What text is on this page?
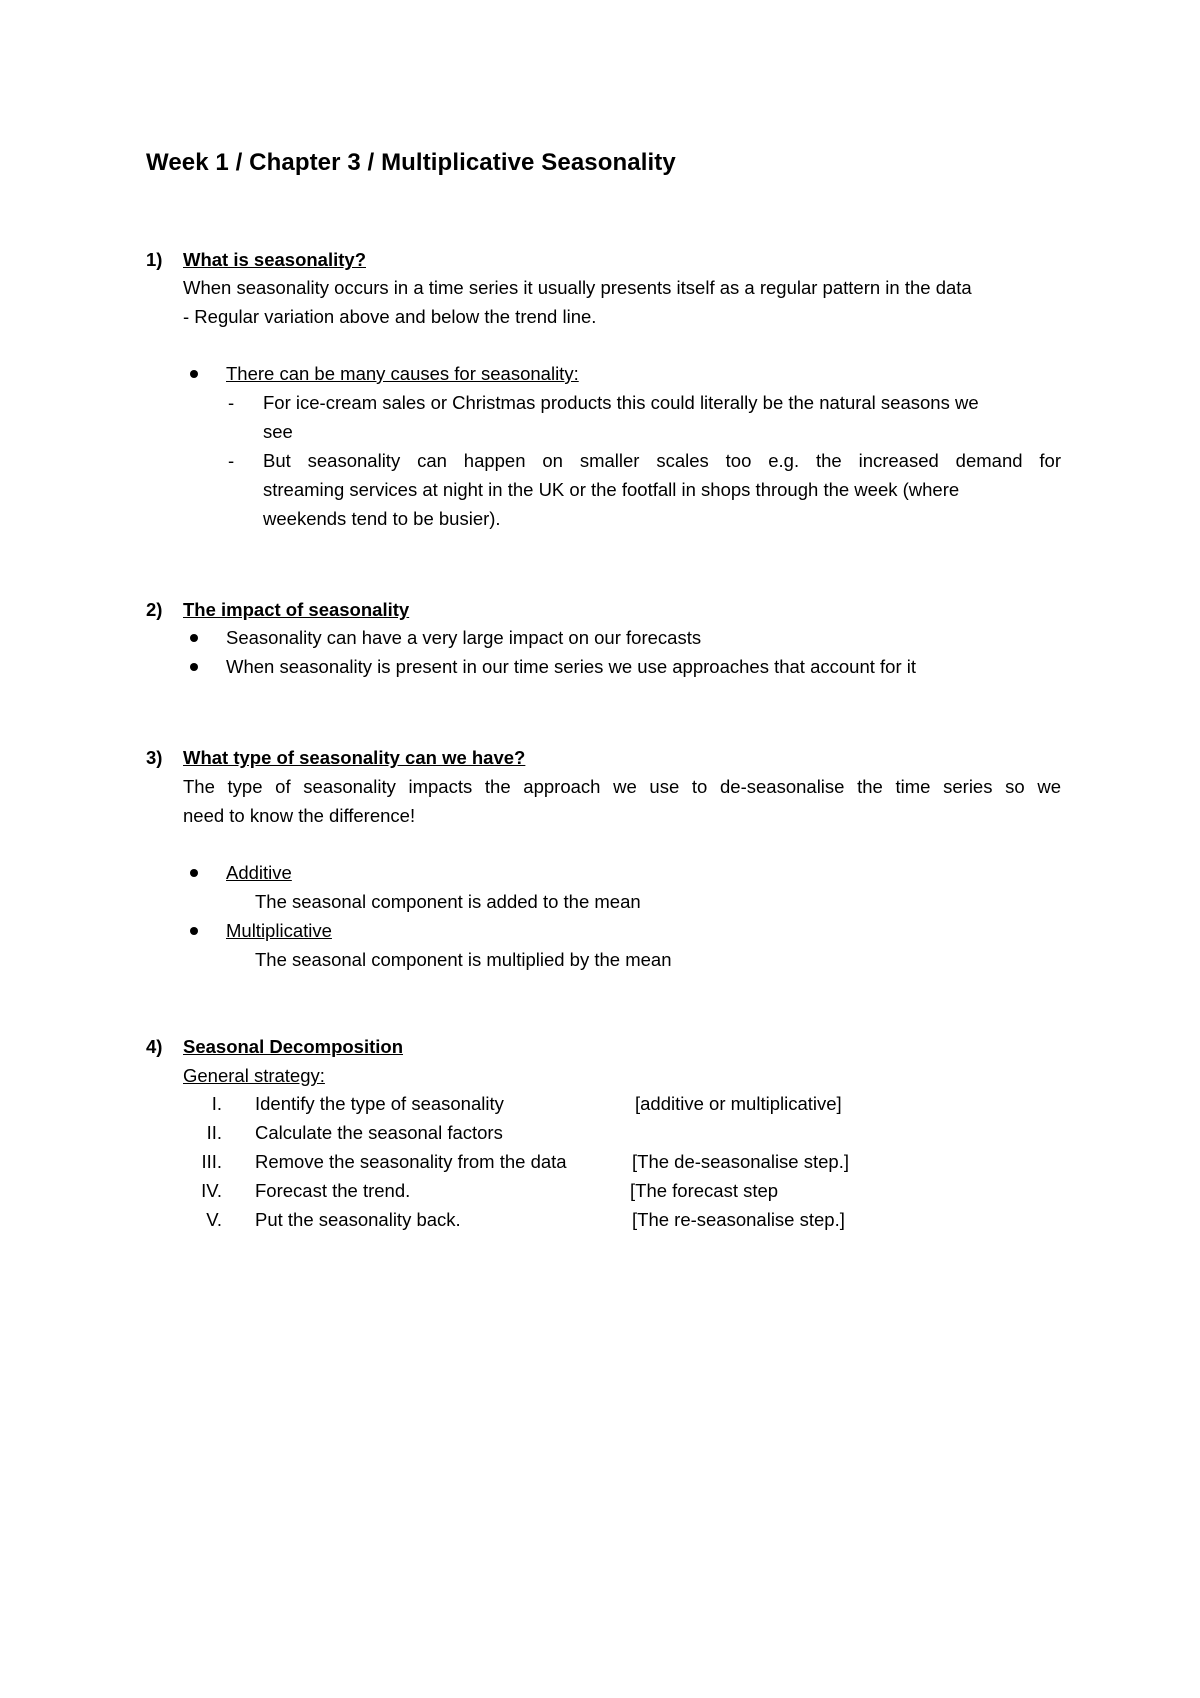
Week 1 / Chapter 3 / Multiplicative Seasonality
1) What is seasonality?
When seasonality occurs in a time series it usually presents itself as a regular pattern in the data
- Regular variation above and below the trend line.
There can be many causes for seasonality:
- For ice-cream sales or Christmas products this could literally be the natural seasons we
see
- But seasonality can happen on smaller scales too e.g. the increased demand for
streaming services at night in the UK or the footfall in shops through the week (where
weekends tend to be busier).
2) The impact of seasonality
Seasonality can have a very large impact on our forecasts
When seasonality is present in our time series we use approaches that account for it
3) What type of seasonality can we have?
The type of seasonality impacts the approach we use to de-seasonalise the time series so we
need to know the difference!
Additive
The seasonal component is added to the mean
Multiplicative
The seasonal component is multiplied by the mean
4) Seasonal Decomposition
General strategy:
I. Identify the type of seasonality	[additive or multiplicative]
II. Calculate the seasonal factors
III. Remove the seasonality from the data	[The de-seasonalise step.]
IV. Forecast the trend.	[The forecast step
V. Put the seasonality back.	[The re-seasonalise step.]
